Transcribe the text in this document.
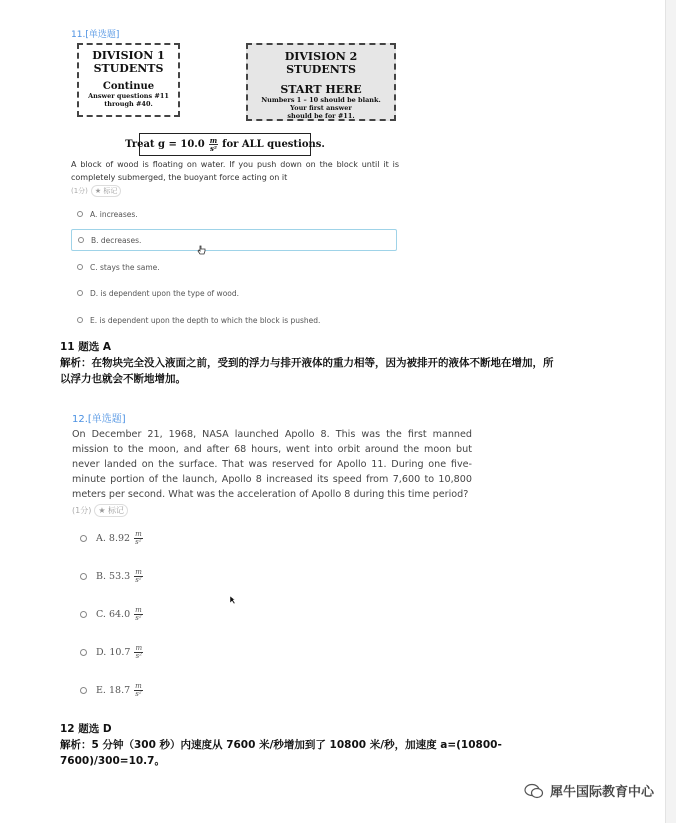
11.[单选题]
DIVISION 1
STUDENTS
Continue
Answer questions #11
through #40.
DIVISION 2 STUDENTS
START HERE
Numbers 1 – 10 should be blank.
Your first answer
should be for #11.
Treat $g = 10.0 \frac{m}{\text{s²}}$ for ALL questions.
A block of wood is floating on water. If you push down on the block until it is completely submerged, the buoyant force acting on it
(1分) ★ 标记
A. increases.
B. decreases.
C. stays the same.
D. is dependent upon the type of wood.
E. is dependent upon the depth to which the block is pushed.
11 题选 A
解析：在物块完全没入液面之前，受到的浮力与排开液体的重力相等，因为被排开的液体不断地在增加，所以浮力也就会不断地增加。
12.[单选题]
On December 21, 1968, NASA launched Apollo 8. This was the first manned mission to the moon, and after 68 hours, went into orbit around the moon but never landed on the surface. That was reserved for Apollo 11. During one five-minute portion of the launch, Apollo 8 increased its speed from 7,600 to 10,800 meters per second. What was the acceleration of Apollo 8 during this time period?
(1分) ★ 标记
A. $8.92 \frac{m}{\text{s²}}$
B. $53.3 \frac{m}{\text{s²}}$
C. $64.0 \frac{m}{\text{s²}}$
D. $10.7 \frac{m}{\text{s²}}$
E. $18.7 \frac{m}{\text{s²}}$
12 题选 D
解析：5 分钟（300 秒）内速度从 7600 米/秒增加到了 10800 米/秒，加速度 a=(10800-
7600)/300=10.7。
犀牛国际教育中心
